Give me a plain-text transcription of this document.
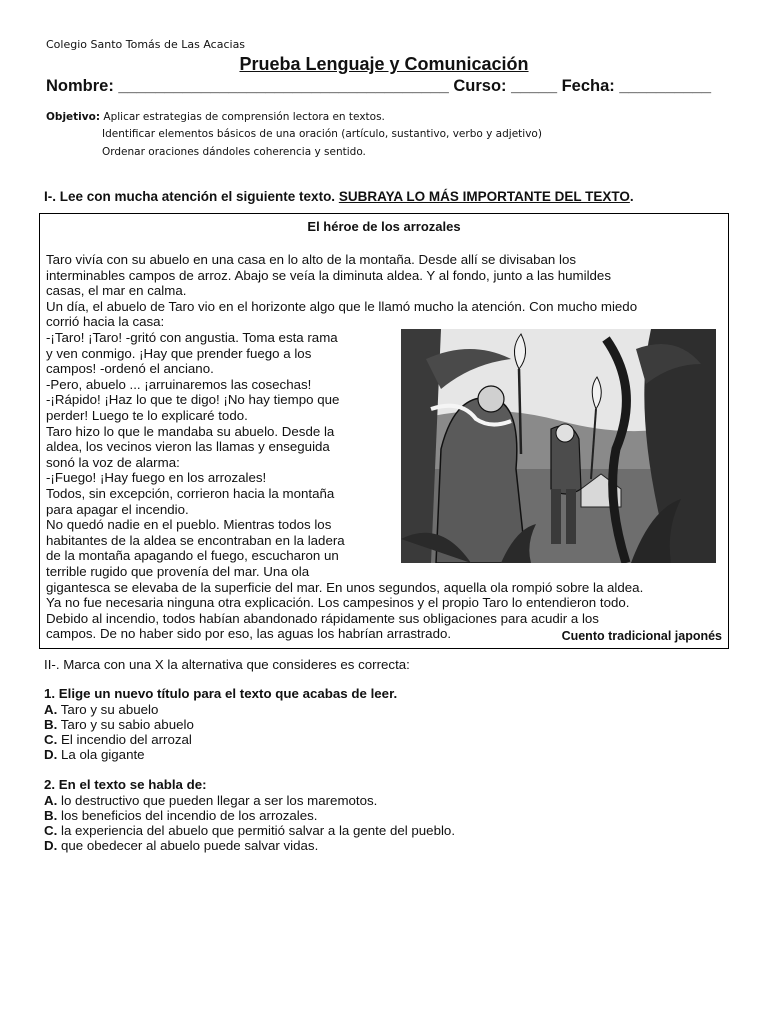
Colegio Santo Tomás de Las Acacias
Prueba Lenguaje y Comunicación
Nombre: ____________________________________ Curso: _____ Fecha: __________
Objetivo: Aplicar estrategias de comprensión lectora en textos.
Identificar elementos básicos de una oración (artículo, sustantivo, verbo y adjetivo)
Ordenar oraciones dándoles coherencia y sentido.
I-. Lee con mucha atención el siguiente texto. SUBRAYA LO MÁS IMPORTANTE DEL TEXTO.
El héroe de los arrozales
Taro vivía con su abuelo en una casa en lo alto de la montaña. Desde allí se divisaban los
interminables campos de arroz. Abajo se veía la diminuta aldea. Y al fondo, junto a las humildes
casas, el mar en calma.
Un día, el abuelo de Taro vio en el horizonte algo que le llamó mucho la atención. Con mucho miedo
corrió hacia la casa:
-¡Taro! ¡Taro! -gritó con angustia. Toma esta rama
y ven conmigo. ¡Hay que prender fuego a los
campos! -ordenó el anciano.
-Pero, abuelo ... ¡arruinaremos las cosechas!
-¡Rápido! ¡Haz lo que te digo! ¡No hay tiempo que
perder! Luego te lo explicaré todo.
Taro hizo lo que le mandaba su abuelo. Desde la
aldea, los vecinos vieron las llamas y enseguida
sonó la voz de alarma:
-¡Fuego! ¡Hay fuego en los arrozales!
Todos, sin excepción, corrieron hacia la montaña
para apagar el incendio.
No quedó nadie en el pueblo. Mientras todos los
habitantes de la aldea se encontraban en la ladera
de la montaña apagando el fuego, escucharon un
terrible rugido que provenía del mar. Una ola
gigantesca se elevaba de la superficie del mar. En unos segundos, aquella ola rompió sobre la aldea.
Ya no fue necesaria ninguna otra explicación. Los campesinos y el propio Taro lo entendieron todo.
Debido al incendio, todos habían abandonado rápidamente sus obligaciones para acudir a los
campos. De no haber sido por eso, las aguas los habrían arrastrado.	Cuento tradicional japonés
II-. Marca con una X la alternativa que consideres es correcta:
1. Elige un nuevo título para el texto que acabas de leer.
A. Taro y su abuelo
B. Taro y su sabio abuelo
C. El incendio del arrozal
D. La ola gigante
2. En el texto se habla de:
A. lo destructivo que pueden llegar a ser los maremotos.
B. los beneficios del incendio de los arrozales.
C. la experiencia del abuelo que permitió salvar a la gente del pueblo.
D. que obedecer al abuelo puede salvar vidas.
